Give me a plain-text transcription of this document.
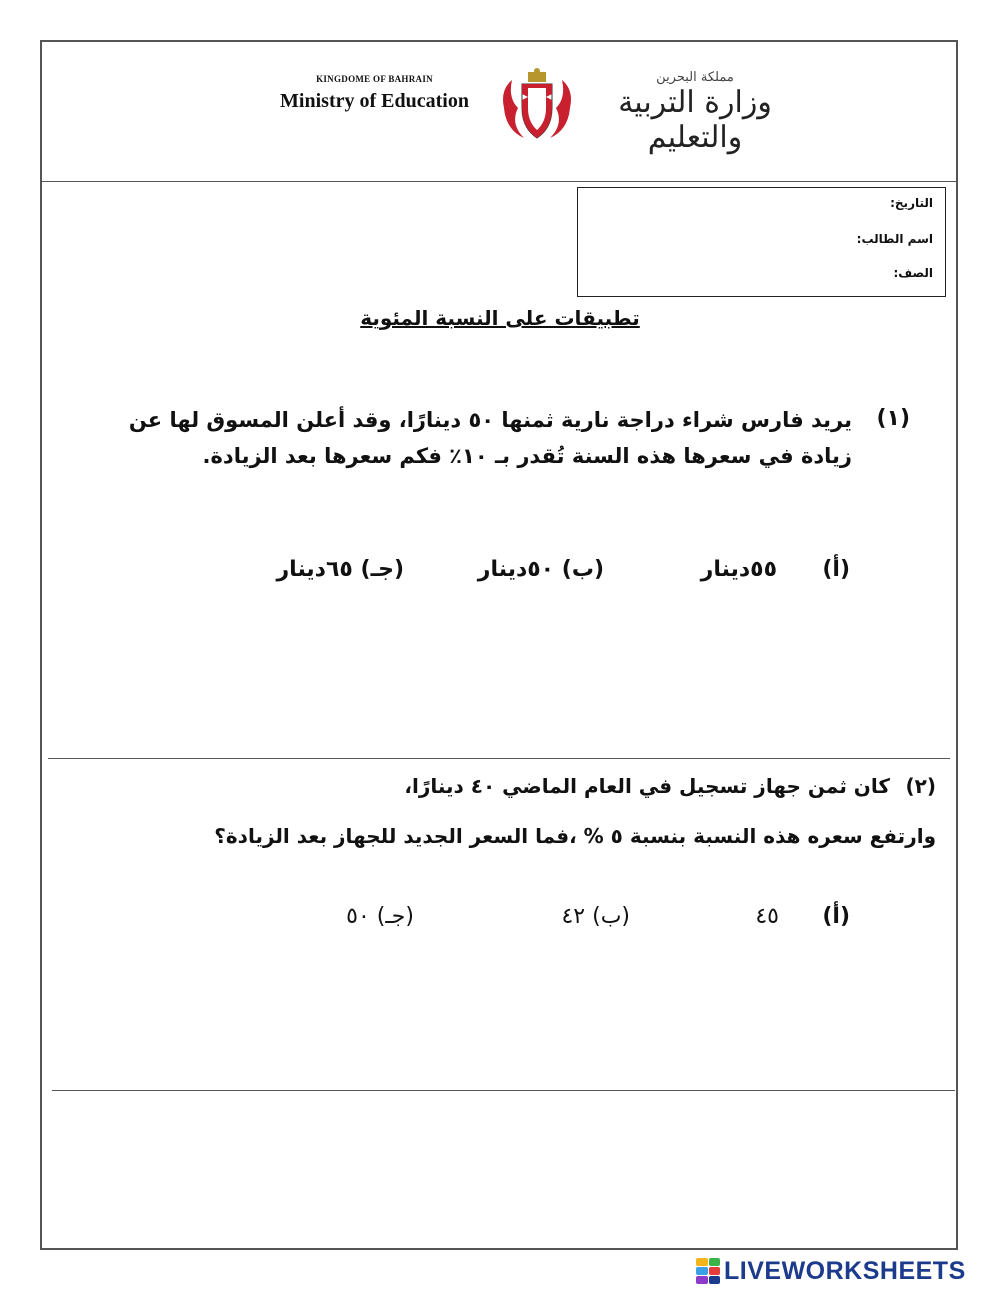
KINGDOME OF BAHRAIN
Ministry of Education
مملكة البحرين
وزارة التربية والتعليم
التاريخ:
اسم الطالب:
الصف:
تطبيقات على النسبة المئوية
(١)
يريد فارس شراء دراجة نارية ثمنها ٥٠ دينارًا، وقد أعلن المسوق لها عن
زيادة في سعرها هذه السنة تُقدر بـ ١٠٪ فكم سعرها بعد الزيادة.
(أ)  ٥٥دينار
(ب) ٥٠دينار
(جـ) ٦٥دينار
(٢)
كان ثمن جهاز تسجيل في العام الماضي ٤٠ دينارًا،
وارتفع سعره هذه النسبة بنسبة ٥ % ،فما السعر الجديد للجهاز بعد الزيادة؟
(أ)  ٤٥
(ب) ٤٢
(جـ) ٥٠
LIVEWORKSHEETS
